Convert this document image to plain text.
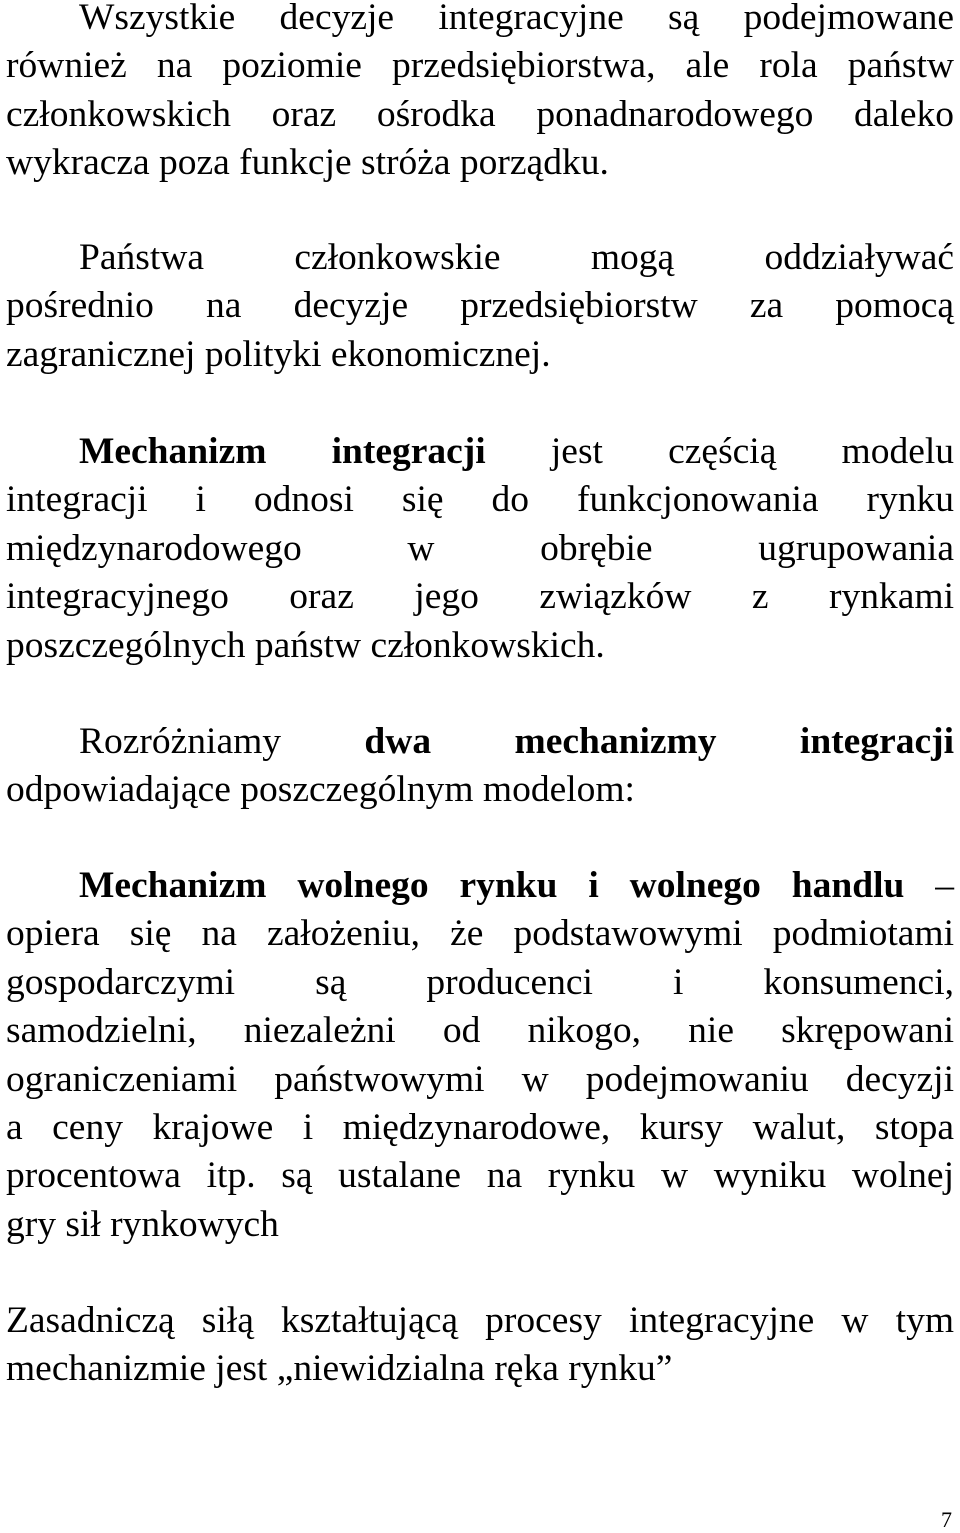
Wszystkie decyzje integracyjne są podejmowane
również na poziomie przedsiębiorstwa, ale rola państw
członkowskich oraz ośrodka ponadnarodowego daleko
wykracza poza funkcje stróża porządku.
Państwa członkowskie mogą oddziaływać
pośrednio na decyzje przedsiębiorstw za pomocą
zagranicznej polityki ekonomicznej.
Mechanizm integracji jest częścią modelu
integracji i odnosi się do funkcjonowania rynku
międzynarodowego w obrębie ugrupowania
integracyjnego oraz jego związków z rynkami
poszczególnych państw członkowskich.
Rozróżniamy dwa mechanizmy integracji
odpowiadające poszczególnym modelom:
Mechanizm wolnego rynku i wolnego handlu –
opiera się na założeniu, że podstawowymi podmiotami
gospodarczymi są producenci i konsumenci,
samodzielni, niezależni od nikogo, nie skrępowani
ograniczeniami państwowymi w podejmowaniu decyzji
a ceny krajowe i międzynarodowe, kursy walut, stopa
procentowa itp. są ustalane na rynku w wyniku wolnej
gry sił rynkowych
Zasadniczą siłą kształtującą procesy integracyjne w tym
mechanizmie jest „niewidzialna ręka rynku”
7
